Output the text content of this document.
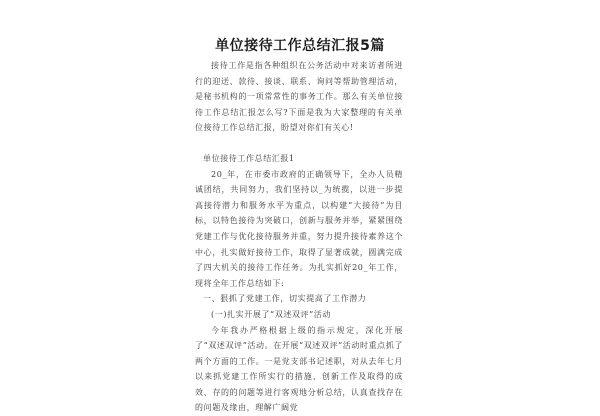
单位接待工作总结汇报5篇

接待工作是指各种组织在公务活动中对来访者所进行的迎送、款待、接谈、联系、询问等帮助管理活动，是秘书机构的一项常常性的事务工作。那么有关单位接待工作总结汇报怎么写?下面是我为大家整理的有关单位接待工作总结汇报，盼望对你们有关心!

单位接待工作总结汇报1

20_年，在市委市政府的正确领导下，全办人员精诚团结，共同努力，我们坚持以_为统揽，以进一步提高接待潜力和服务水平为重点，以构建“大接待”为目标，以特色接待为突破口，创新与服务并举，紧紧围绕党建工作与优化接待服务并重，努力提升接待素养这个中心，扎实做好接待工作，取得了显著成就，圆满完成了四大机关的接待工作任务。为扎实抓好20_年工作，现将全年工作总结如下:

一、狠抓了党建工作，切实提高了工作潜力

(一)扎实开展了“双述双评”活动

今年我办严格根据上级的指示规定，深化开展了“双述双评”活动。在开展“双述双评”活动时重点抓了两个方面的工作。一是党支部书记述职，对从去年七月以来抓党建工作所实行的措施、创新工作及取得的成效、存的的问题等进行客观地分析总结，认真查找存在的问题及缘由，理解广阔党
